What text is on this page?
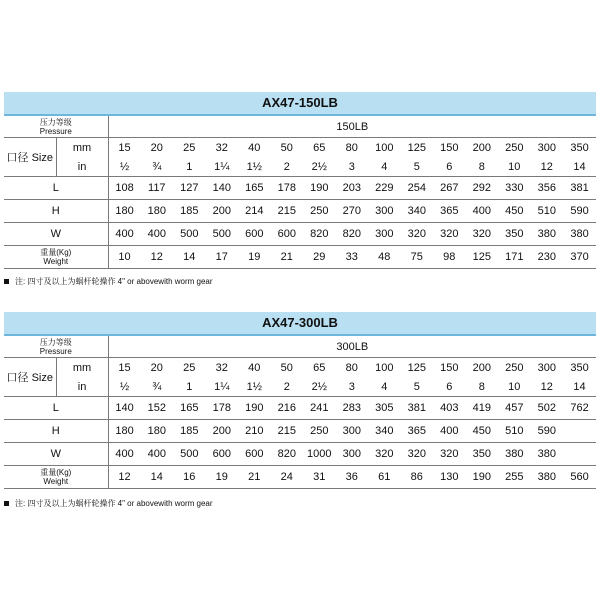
AX47-150LB
压力等级
Pressure		150LB														
口径 Size	mm	15	20	25	32	40	50	65	80	100	125	150	200	250	300	350
	in	½	¾	1	1¼	1½	2	2½	3	4	5	6	8	10	12	14
L		108	117	127	140	165	178	190	203	229	254	267	292	330	356	381
H		180	180	185	200	214	215	250	270	300	340	365	400	450	510	590
W		400	400	500	500	600	600	820	820	300	320	320	320	350	380	380

重量(Kg)
Weight		10	12	14	17	19	21	29	33	48	75	98	125	171	230	370
注: 四寸及以上为蜗杆轮操作 4" or abovewith worm gear
AX47-300LB
压力等级
Pressure		300LB														
口径 Size	mm	15	20	25	32	40	50	65	80	100	125	150	200	250	300	350
	in	½	¾	1	1¼	1½	2	2½	3	4	5	6	8	10	12	14
L		140	152	165	178	190	216	241	283	305	381	403	419	457	502	762
H		180	180	185	200	210	215	250	300	340	365	400	450	510	590	
W		400	400	500	600	600	820	1000	300	320	320	320	350	380	380	

重量(Kg)
Weight		12	14	16	19	21	24	31	36	61	86	130	190	255	380	560
注: 四寸及以上为蜗杆轮操作 4" or abovewith worm gear
